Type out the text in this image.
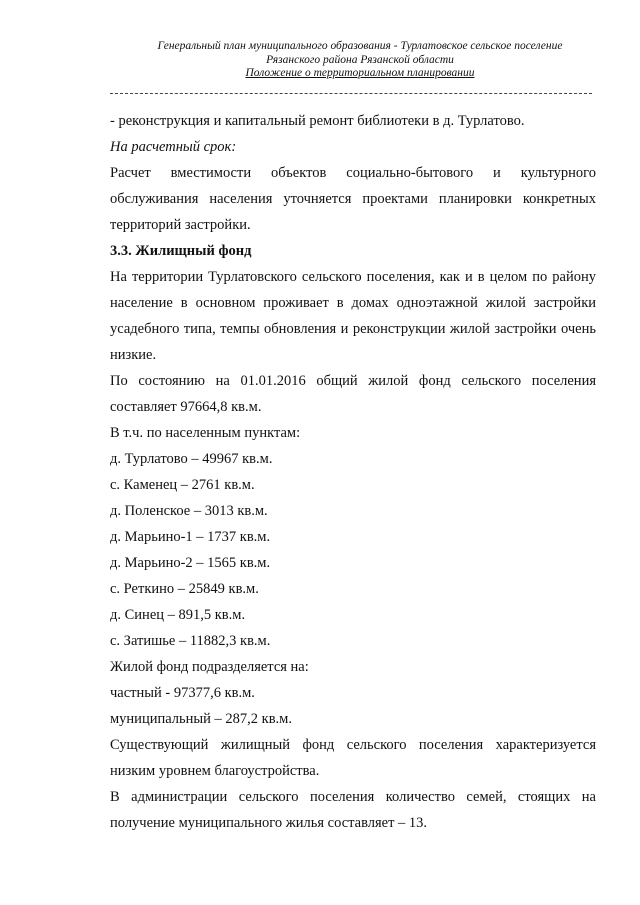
Генеральный план муниципального образования - Турлатовское сельское поселение
Рязанского района Рязанской области
Положение о территориальном планировании

- реконструкция и капитальный ремонт библиотеки в д. Турлатово.

На расчетный срок:

Расчет вместимости объектов социально-бытового и культурного обслуживания населения уточняется проектами планировки конкретных территорий застройки.

3.3. Жилищный фонд

На территории Турлатовского сельского поселения, как и в целом по району население в основном проживает в домах одноэтажной жилой застройки усадебного типа, темпы обновления и реконструкции жилой застройки очень низкие.

По состоянию на 01.01.2016 общий жилой фонд сельского поселения составляет 97664,8 кв.м.

В т.ч. по населенным пунктам:

д. Турлатово – 49967 кв.м.

с. Каменец – 2761 кв.м.

д. Поленское – 3013 кв.м.

д. Марьино-1 – 1737 кв.м.

д. Марьино-2 – 1565 кв.м.

с. Реткино – 25849 кв.м.

д. Синец – 891,5 кв.м.

с. Затишье – 11882,3 кв.м.

Жилой фонд подразделяется на:

частный - 97377,6 кв.м.

муниципальный – 287,2 кв.м.

Существующий жилищный фонд сельского поселения характеризуется низким уровнем благоустройства.

В администрации сельского поселения количество семей, стоящих на получение муниципального жилья составляет – 13.
